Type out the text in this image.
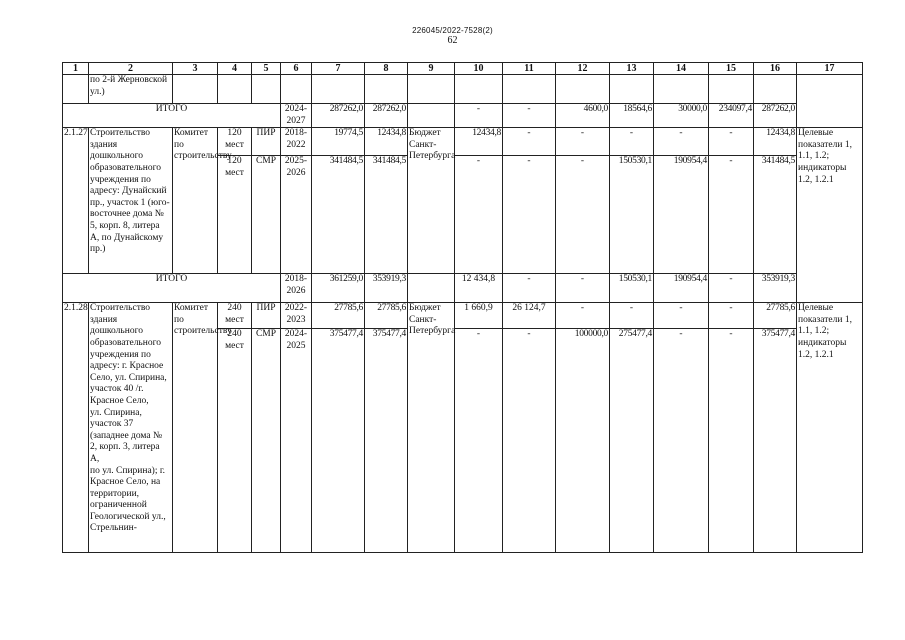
226045/2022-7528(2)
62
1	2	3	4	5	6	7	8	9	10	11	12	13	14	15	16	17
	по 2-й Жерновской ул.)															
ИТОГО					2024-2027	287262,0	287262,0		-	-	4600,0	18564,6	30000,0	234097,4	287262,0	
2.1.27	Строительство здания дошкольного образовательного учреждения по адресу: Дунайский пр., участок 1 (юго-восточнее дома № 5, корп. 8, литера А, по Дунайскому пр.)	Комитет по строительству	120 мест	ПИР	2018-2022	19774,5	12434,8	Бюджет Санкт-Петербурга	12434,8	-	-	-	-	-	12434,8	Целевые показатели 1, 1.1, 1.2; индикаторы 1.2, 1.2.1
			120 мест	СМР	2025-2026	341484,5	341484,5		-	-	-	150530,1	190954,4	-	341484,5	
ИТОГО					2018-2026	361259,0	353919,3		12 434,8	-	-	150530,1	190954,4	-	353919,3	
2.1.28	Строительство здания дошкольного образовательного учреждения по адресу: г. Красное Село, ул. Спирина, участок 40 /г. Красное Село,
ул. Спирина, участок 37 (западнее дома № 2, корп. 3, литера А,
по ул. Спирина); г. Красное Село, на территории, ограниченной Геологической ул., Стрельнин-	Комитет по строительству	240 мест	ПИР	2022-2023	27785,6	27785,6	Бюджет Санкт-Петербурга	1 660,9	26 124,7	-	-	-	-	27785,6	Целевые показатели 1, 1.1, 1.2; индикаторы 1.2, 1.2.1
			240 мест	СМР	2024-2025	375477,4	375477,4		-	-	100000,0	275477,4	-	-	375477,4	
